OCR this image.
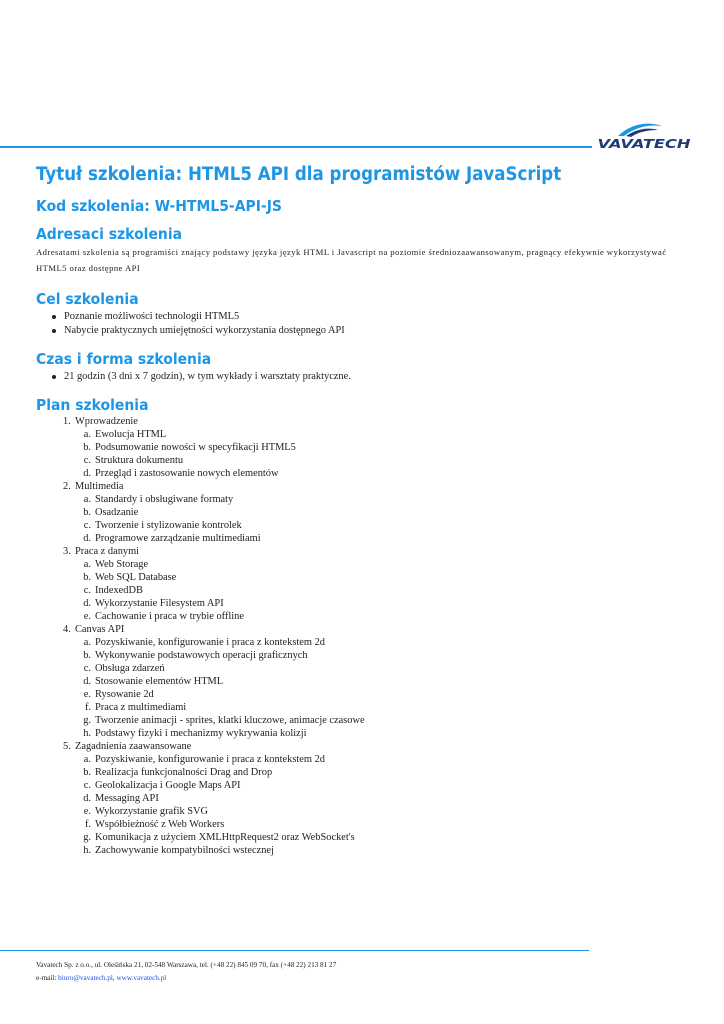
VAVATECH
Tytuł szkolenia: HTML5 API dla programistów JavaScript
Kod szkolenia: W-HTML5-API-JS
Adresaci szkolenia

Adresatami szkolenia są programiści znający podstawy języka język HTML i Javascript na poziomie średniozaawansowanym, pragnący efekywnie wykorzystywać HTML5 oraz dostępne API

Cel szkolenia
Poznanie możliwości technologii HTML5
Nabycie praktycznych umiejętności wykorzystania dostępnego API
Czas i forma szkolenia
21 godzin (3 dni x 7 godzin), w tym wykłady i warsztaty praktyczne.
Plan szkolenia
1. Wprowadzenie
a. Ewolucja HTML
b. Podsumowanie nowości w specyfikacji HTML5
c. Struktura dokumentu
d. Przegląd i zastosowanie nowych elementów
2. Multimedia
a. Standardy i obsługiwane formaty
b. Osadzanie
c. Tworzenie i stylizowanie kontrolek
d. Programowe zarządzanie multimediami
3. Praca z danymi
a. Web Storage
b. Web SQL Database
c. IndexedDB
d. Wykorzystanie Filesystem API
e. Cachowanie i praca w trybie offline
4. Canvas API
a. Pozyskiwanie, konfigurowanie i praca z kontekstem 2d
b. Wykonywanie podstawowych operacji graficznych
c. Obsługa zdarzeń
d. Stosowanie elementów HTML
e. Rysowanie 2d
f. Praca z multimediami
g. Tworzenie animacji - sprites, klatki kluczowe, animacje czasowe
h. Podstawy fizyki i mechanizmy wykrywania kolizji
5. Zagadnienia zaawansowane
a. Pozyskiwanie, konfigurowanie i praca z kontekstem 2d
b. Realizacja funkcjonalności Drag and Drop
c. Geolokalizacja i Google Maps API
d. Messaging API
e. Wykorzystanie grafik SVG
f. Współbieżność z Web Workers
g. Komunikacja z użyciem XMLHttpRequest2 oraz WebSocket's
h. Zachowywanie kompatybilności wstecznej
Vavatech Sp. z o.o., ul. Oleśińska 21, 02-548 Warszawa, tel. (+48 22) 845 09 70, fax (+48 22) 213 81 27
e-mail: biuro@vavatech.pl, www.vavatech.pl
